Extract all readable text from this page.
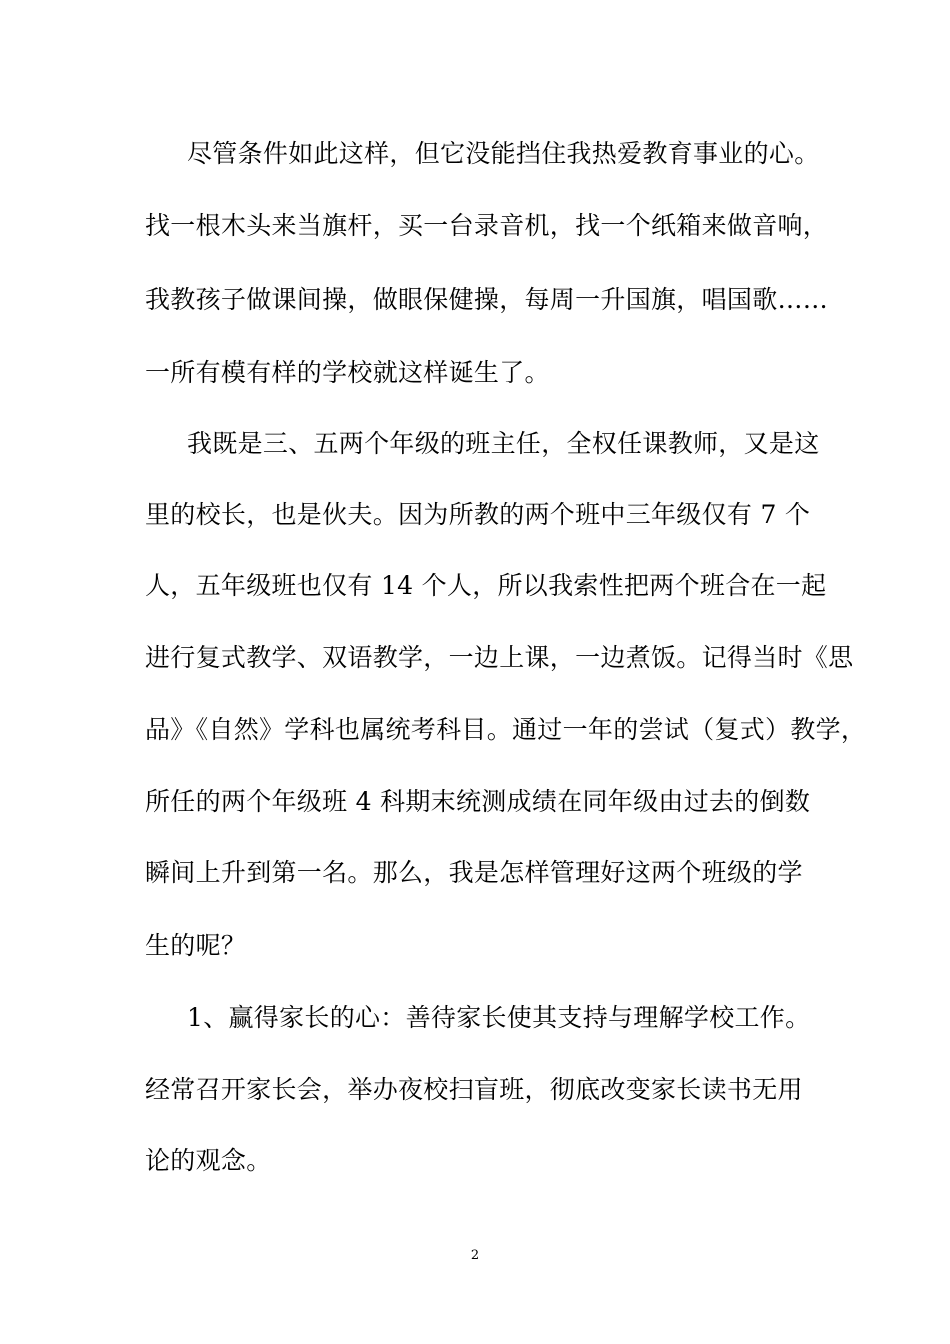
尽管条件如此这样，但它没能挡住我热爱教育事业的心。
找一根木头来当旗杆，买一台录音机，找一个纸箱来做音响，
我教孩子做课间操，做眼保健操，每周一升国旗，唱国歌……
一所有模有样的学校就这样诞生了。
我既是三、五两个年级的班主任，全权任课教师，又是这
里的校长，也是伙夫。因为所教的两个班中三年级仅有 7 个
人，五年级班也仅有 14 个人，所以我索性把两个班合在一起
进行复式教学、双语教学，一边上课，一边煮饭。记得当时《思
品》《自然》学科也属统考科目。通过一年的尝试（复式）教学，
所任的两个年级班 4 科期末统测成绩在同年级由过去的倒数
瞬间上升到第一名。那么，我是怎样管理好这两个班级的学
生的呢？
1、赢得家长的心：善待家长使其支持与理解学校工作。
经常召开家长会，举办夜校扫盲班，彻底改变家长读书无用
论的观念。
2
